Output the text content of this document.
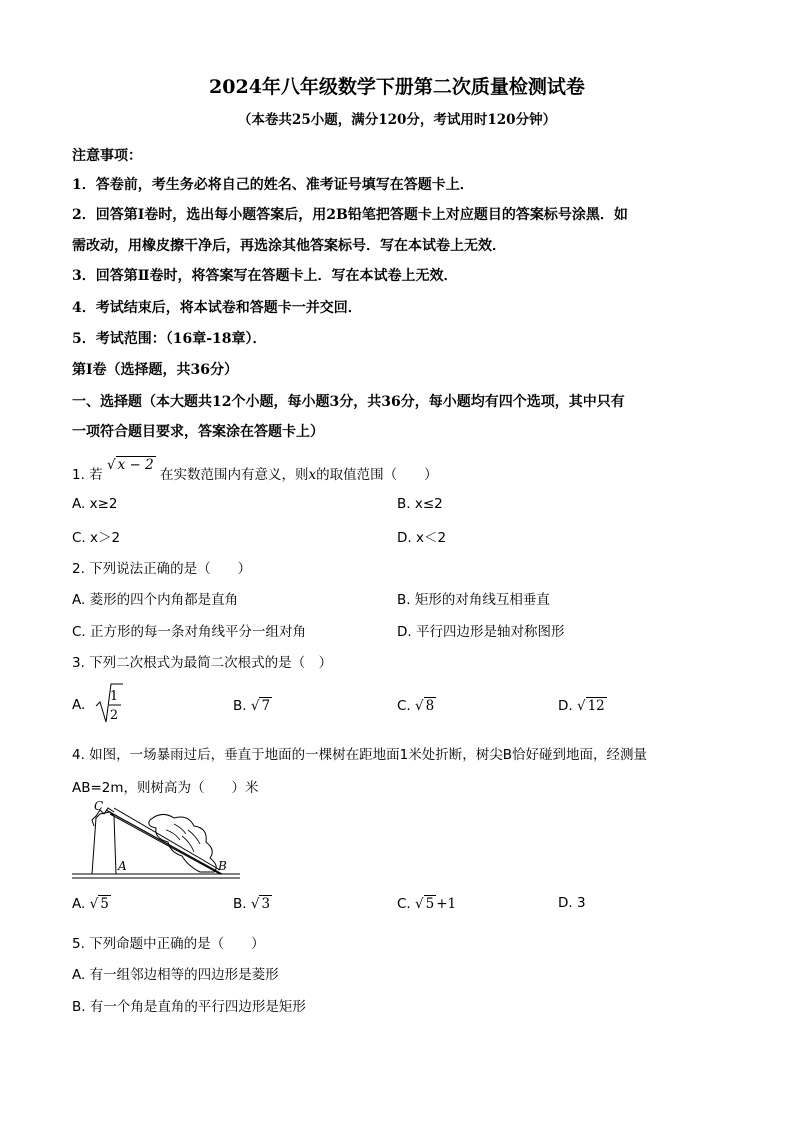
2024年八年级数学下册第二次质量检测试卷
（本卷共25小题，满分120分，考试用时120分钟）
注意事项：
1．答卷前，考生务必将自己的姓名、准考证号填写在答题卡上．
2．回答第Ⅰ卷时，选出每小题答案后，用2B铅笔把答题卡上对应题目的答案标号涂黑．如
需改动，用橡皮擦干净后，再选涂其他答案标号．写在本试卷上无效．
3．回答第Ⅱ卷时，将答案写在答题卡上．写在本试卷上无效．
4．考试结束后，将本试卷和答题卡一并交回．
5．考试范围：（16章-18章）．
第Ⅰ卷（选择题，共36分）
一、选择题（本大题共12个小题，每小题3分，共36分，每小题均有四个选项，其中只有
一项符合题目要求，答案涂在答题卡上）
1. 若 √ x − 2 在实数范围内有意义，则x的取值范围（　　）
A. x≥2	B. x≤2
C. x＞2	D. x＜2
2. 下列说法正确的是（　　）
A. 菱形的四个内角都是直角	B. 矩形的对角线互相垂直
C. 正方形的每一条对角线平分一组对角	D. 平行四边形是轴对称图形
3. 下列二次根式为最简二次根式的是（　）
A.
1
2
B. √ 7	C. √ 8	D. √ 12
4. 如图，一场暴雨过后，垂直于地面的一棵树在距地面1米处折断，树尖B恰好碰到地面，经测量
AB=2m，则树高为（　　）米
C
A	B
A. √ 5	B. √ 3	C. √ 5 +1	D. 3
5. 下列命题中正确的是（　　）
A. 有一组邻边相等的四边形是菱形
B. 有一个角是直角的平行四边形是矩形
